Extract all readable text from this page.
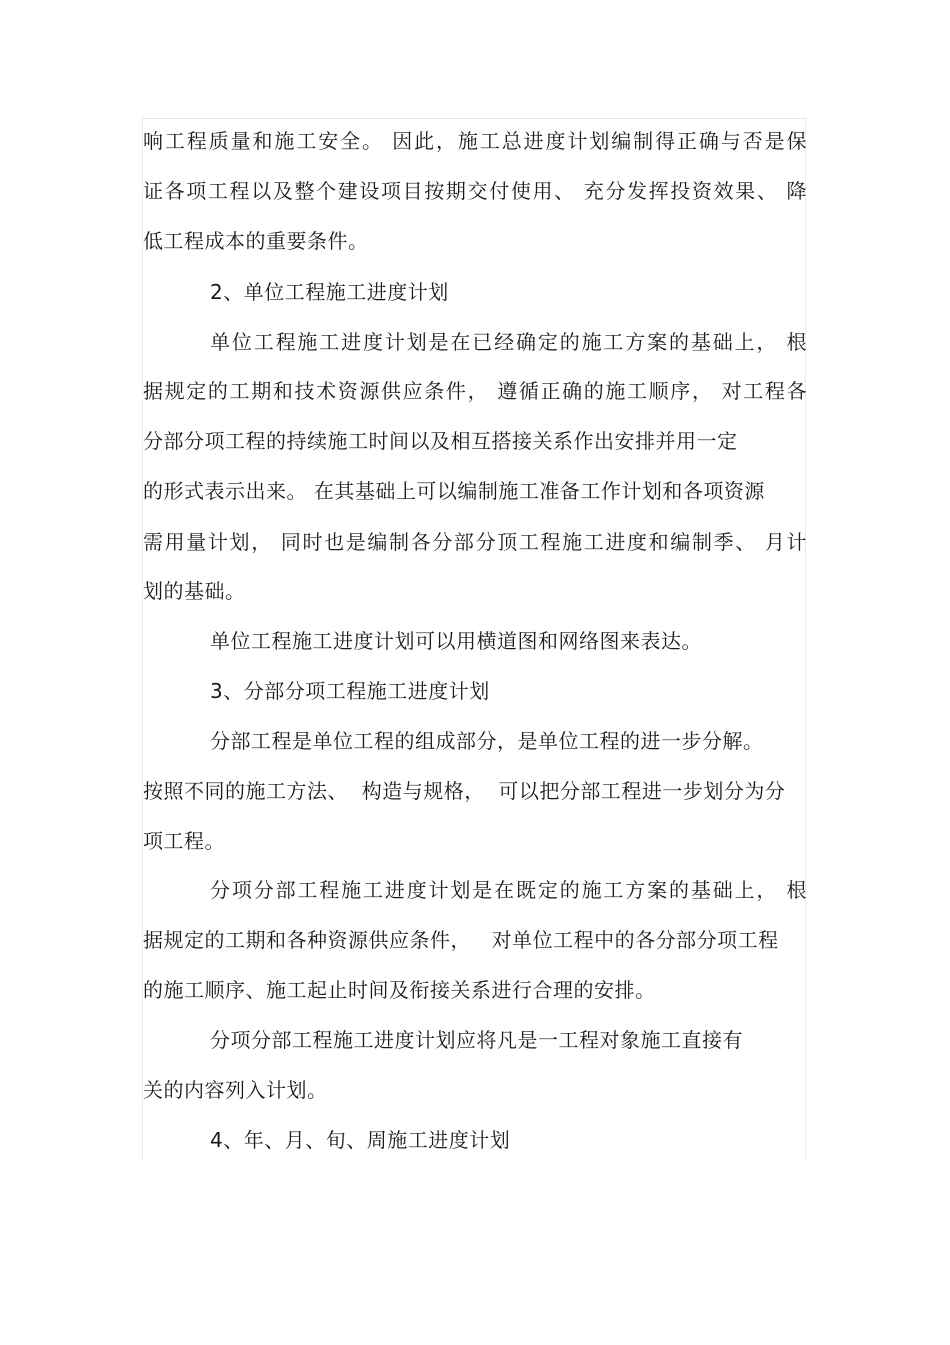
响工程质量和施工安全。 因此，施工总进度计划编制得正确与否是保
证各项工程以及整个建设项目按期交付使用、 充分发挥投资效果、 降
低工程成本的重要条件。
2、单位工程施工进度计划
单位工程施工进度计划是在已经确定的施工方案的基础上， 根
据规定的工期和技术资源供应条件， 遵循正确的施工顺序， 对工程各
分部分项工程的持续施工时间以及相互搭接关系作出安排并用一定
的形式表示出来。 在其基础上可以编制施工准备工作计划和各项资源
需用量计划， 同时也是编制各分部分顶工程施工进度和编制季、 月计
划的基础。
单位工程施工进度计划可以用横道图和网络图来表达。
3、分部分项工程施工进度计划
分部工程是单位工程的组成部分，是单位工程的进一步分解。
按照不同的施工方法、  构造与规格，  可以把分部工程进一步划分为分
项工程。
分项分部工程施工进度计划是在既定的施工方案的基础上， 根
据规定的工期和各种资源供应条件，   对单位工程中的各分部分项工程
的施工顺序、施工起止时间及衔接关系进行合理的安排。
分项分部工程施工进度计划应将凡是一工程对象施工直接有
关的内容列入计划。
4、年、月、旬、周施工进度计划
